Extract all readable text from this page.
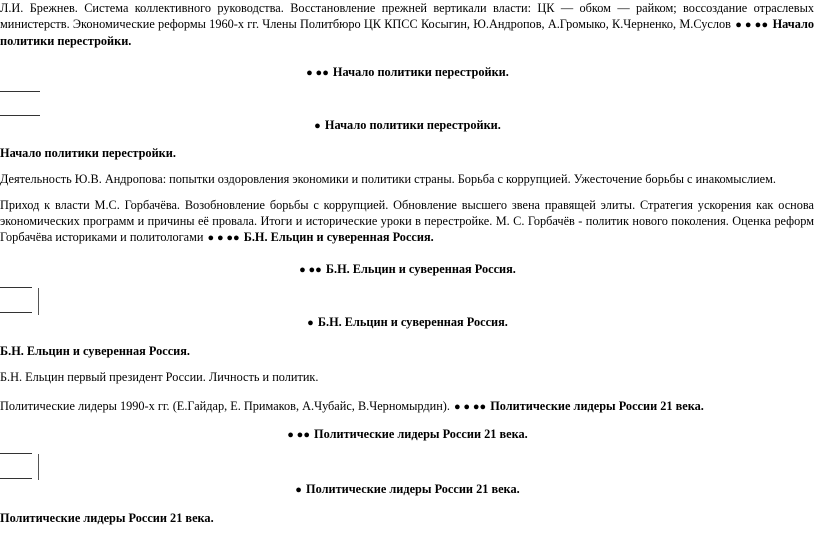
Л.И. Брежнев. Система коллективного руководства. Восстановление прежней вертикали власти: ЦК — обком — райком; воссоздание отраслевых министерств. Экономические реформы 1960-х гг. Члены Политбюро ЦК КПСС Косыгин, Ю.Андропов, А.Громыко, К.Черненко, М.Суслов ● ● ●● Начало политики перестройки.

● ●● Начало политики перестройки.

● Начало политики перестройки.

Начало политики перестройки.

Деятельность Ю.В. Андропова: попытки оздоровления экономики и политики страны. Борьба с коррупцией. Ужесточение борьбы с инакомыслием.

Приход к власти М.С. Горбачёва. Возобновление борьбы с коррупцией. Обновление высшего звена правящей элиты. Стратегия ускорения как основа экономических программ и причины её провала. Итоги и исторические уроки в перестройке. М. С. Горбачёв - политик нового поколения. Оценка реформ Горбачёва историками и политологами ● ● ●● Б.Н. Ельцин и суверенная Россия.

● ●● Б.Н. Ельцин и суверенная Россия.

● Б.Н. Ельцин и суверенная Россия.

Б.Н. Ельцин и суверенная Россия.

Б.Н. Ельцин первый президент России. Личность и политик.

Политические лидеры 1990-х гг. (Е.Гайдар, Е. Примаков, А.Чубайс, В.Черномырдин). ● ● ●● Политические лидеры России 21 века.

● ●● Политические лидеры России 21 века.

● Политические лидеры России 21 века.

Политические лидеры России 21 века.
